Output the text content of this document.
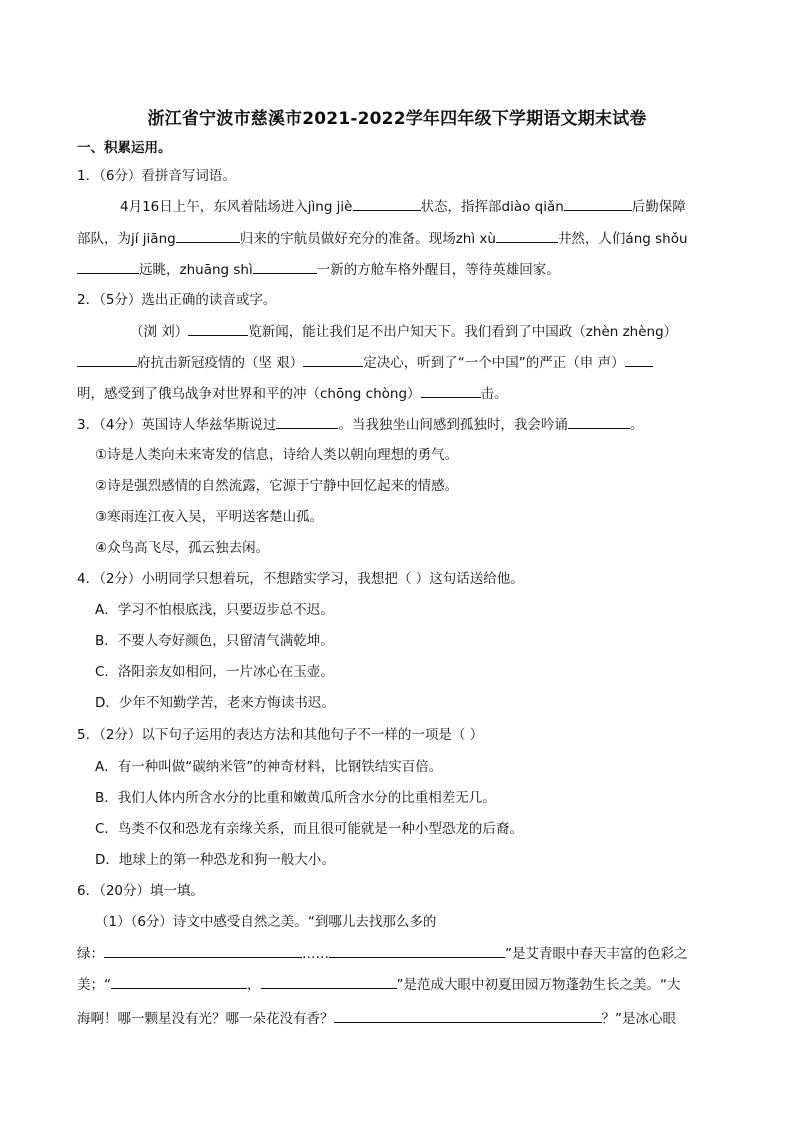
浙江省宁波市慈溪市2021-2022学年四年级下学期语文期末试卷
一、积累运用。
1．（6分）看拼音写词语。
4月16日上午，东风着陆场进入jìng jiè	状态，指挥部diào qiǎn	后勤保障
部队，为jí jiāng	归来的宇航员做好充分的准备。现场zhì xù	井然，人们áng shǒu
远眺，zhuāng shì	一新的方舱车格外醒目，等待英雄回家。
2．（5分）选出正确的读音或字。
（浏 刘）	览新闻，能让我们足不出户知天下。我们看到了中国政（zhèn zhèng）
府抗击新冠疫情的（坚 艰）	定决心，听到了“一个中国”的严正（申 声）
明，感受到了俄乌战争对世界和平的冲（chōng chòng）	击。
3．（4分）英国诗人华兹华斯说过	。当我独坐山间感到孤独时，我会吟诵	。
①诗是人类向未来寄发的信息，诗给人类以朝向理想的勇气。
②诗是强烈感情的自然流露，它源于宁静中回忆起来的情感。
③寒雨连江夜入吴，平明送客楚山孤。
④众鸟高飞尽，孤云独去闲。
4．（2分）小明同学只想着玩，不想踏实学习，我想把（ ）这句话送给他。
A．学习不怕根底浅，只要迈步总不迟。
B．不要人夸好颜色，只留清气满乾坤。
C．洛阳亲友如相问，一片冰心在玉壶。
D．少年不知勤学苦，老来方悔读书迟。
5．（2分）以下句子运用的表达方法和其他句子不一样的一项是（ ）
A．有一种叫做“碳纳米管”的神奇材料，比钢铁结实百倍。
B．我们人体内所含水分的比重和嫩黄瓜所含水分的比重相差无几。
C．鸟类不仅和恐龙有亲缘关系，而且很可能就是一种小型恐龙的后裔。
D．地球上的第一种恐龙和狗一般大小。
6．（20分）填一填。
（1）（6分）诗文中感受自然之美。“到哪儿去找那么多的
绿：	……	”是艾青眼中春天丰富的色彩之
美；“	，	”是范成大眼中初夏田园万物蓬勃生长之美。“大
海啊！哪一颗星没有光？哪一朵花没有香？	？”是冰心眼
